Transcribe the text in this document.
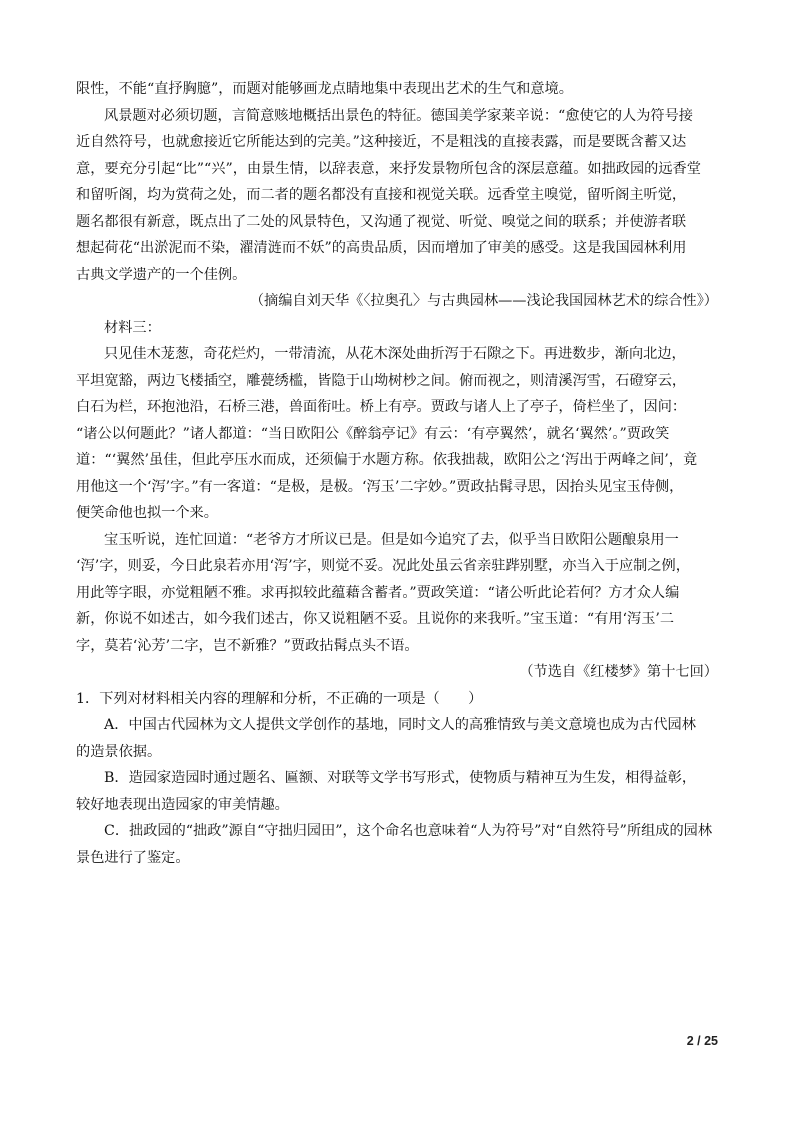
限性，不能“直抒胸臆”，而题对能够画龙点睛地集中表现出艺术的生气和意境。
风景题对必须切题，言简意赅地概括出景色的特征。德国美学家莱辛说：“愈使它的人为符号接
近自然符号，也就愈接近它所能达到的完美。”这种接近，不是粗浅的直接表露，而是要既含蓄又达
意，要充分引起“比”“兴”，由景生情，以辞表意，来抒发景物所包含的深层意蕴。如拙政园的远香堂
和留听阁，均为赏荷之处，而二者的题名都没有直接和视觉关联。远香堂主嗅觉，留听阁主听觉，
题名都很有新意，既点出了二处的风景特色，又沟通了视觉、听觉、嗅觉之间的联系；并使游者联
想起荷花“出淤泥而不染，濯清涟而不妖”的高贵品质，因而增加了审美的感受。这是我国园林利用
古典文学遗产的一个佳例。
（摘编自刘天华《〈拉奥孔〉与古典园林——浅论我国园林艺术的综合性》）
材料三：
只见佳木茏葱，奇花烂灼，一带清流，从花木深处曲折泻于石隙之下。再进数步，渐向北边，
平坦宽豁，两边飞楼插空，雕甍绣槛，皆隐于山坳树杪之间。俯而视之，则清溪泻雪，石磴穿云，
白石为栏，环抱池沿，石桥三港，兽面衔吐。桥上有亭。贾政与诸人上了亭子，倚栏坐了，因问：
“诸公以何题此？”诸人都道：“当日欧阳公《醉翁亭记》有云：‘有亭翼然’，就名‘翼然’。”贾政笑
道：“‘翼然’虽佳，但此亭压水而成，还须偏于水题方称。依我拙裁，欧阳公之‘泻出于两峰之间’，竟
用他这一个‘泻’字。”有一客道：“是极，是极。‘泻玉’二字妙。”贾政拈髯寻思，因抬头见宝玉侍侧，
便笑命他也拟一个来。
宝玉听说，连忙回道：“老爷方才所议已是。但是如今追究了去，似乎当日欧阳公题酿泉用一
‘泻’字，则妥，今日此泉若亦用‘泻’字，则觉不妥。况此处虽云省亲驻跸别墅，亦当入于应制之例，
用此等字眼，亦觉粗陋不雅。求再拟较此蕴藉含蓄者。”贾政笑道：“诸公听此论若何？方才众人编
新，你说不如述古，如今我们述古，你又说粗陋不妥。且说你的来我听。”宝玉道：“有用‘泻玉’二
字，莫若‘沁芳’二字，岂不新雅？”贾政拈髯点头不语。
（节选自《红楼梦》第十七回）
1．下列对材料相关内容的理解和分析，不正确的一项是（　　）
A．中国古代园林为文人提供文学创作的基地，同时文人的高雅情致与美文意境也成为古代园林
的造景依据。
B．造园家造园时通过题名、匾额、对联等文学书写形式，使物质与精神互为生发，相得益彰，
较好地表现出造园家的审美情趣。
C．拙政园的“拙政”源自“守拙归园田”，这个命名也意味着“人为符号”对“自然符号”所组成的园林
景色进行了鉴定。
2 / 25
